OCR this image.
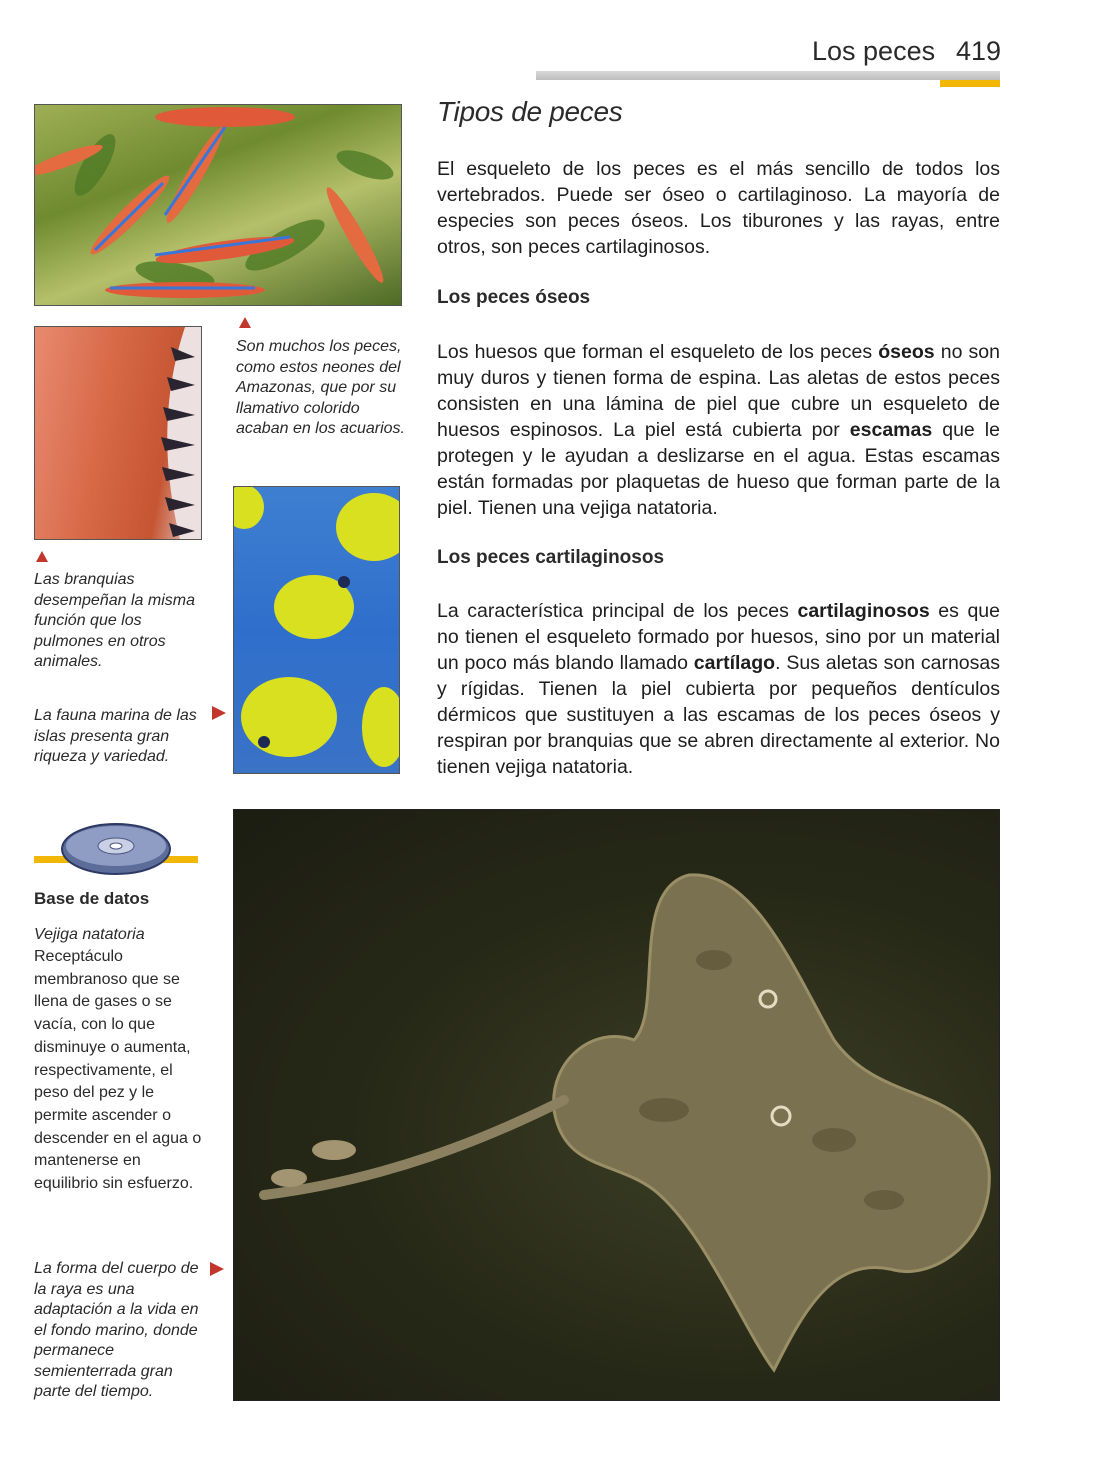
Los peces 419
Son muchos los peces, como estos neones del Amazonas, que por su llamativo colorido acaban en los acuarios.
Las branquias desempeñan la misma función que los pulmones en otros animales.
La fauna marina de las islas presenta gran riqueza y variedad.
Tipos de peces
El esqueleto de los peces es el más sencillo de todos los vertebrados. Puede ser óseo o cartilaginoso. La mayoría de especies son peces óseos. Los tiburones y las rayas, entre otros, son peces cartilaginosos.
Los peces óseos
Los huesos que forman el esqueleto de los peces óseos no son muy duros y tienen forma de espina. Las aletas de estos peces consisten en una lámina de piel que cubre un esqueleto de huesos espinosos. La piel está cubierta por escamas que le protegen y le ayudan a deslizarse en el agua. Estas escamas están formadas por plaquetas de hueso que forman parte de la piel. Tienen una vejiga natatoria.
Los peces cartilaginosos
La característica principal de los peces cartilaginosos es que no tienen el esqueleto formado por huesos, sino por un material un poco más blando llamado cartílago. Sus aletas son carnosas y rígidas. Tienen la piel cubierta por pequeños dentículos dérmicos que sustituyen a las escamas de los peces óseos y respiran por branquias que se abren directamente al exterior. No tienen vejiga natatoria.
Base de datos
Vejiga natatoria
Receptáculo membranoso que se llena de gases o se vacía, con lo que disminuye o aumenta, respectivamente, el peso del pez y le permite ascender o descender en el agua o mantenerse en equilibrio sin esfuerzo.
La forma del cuerpo de la raya es una adaptación a la vida en el fondo marino, donde permanece semienterrada gran parte del tiempo.
